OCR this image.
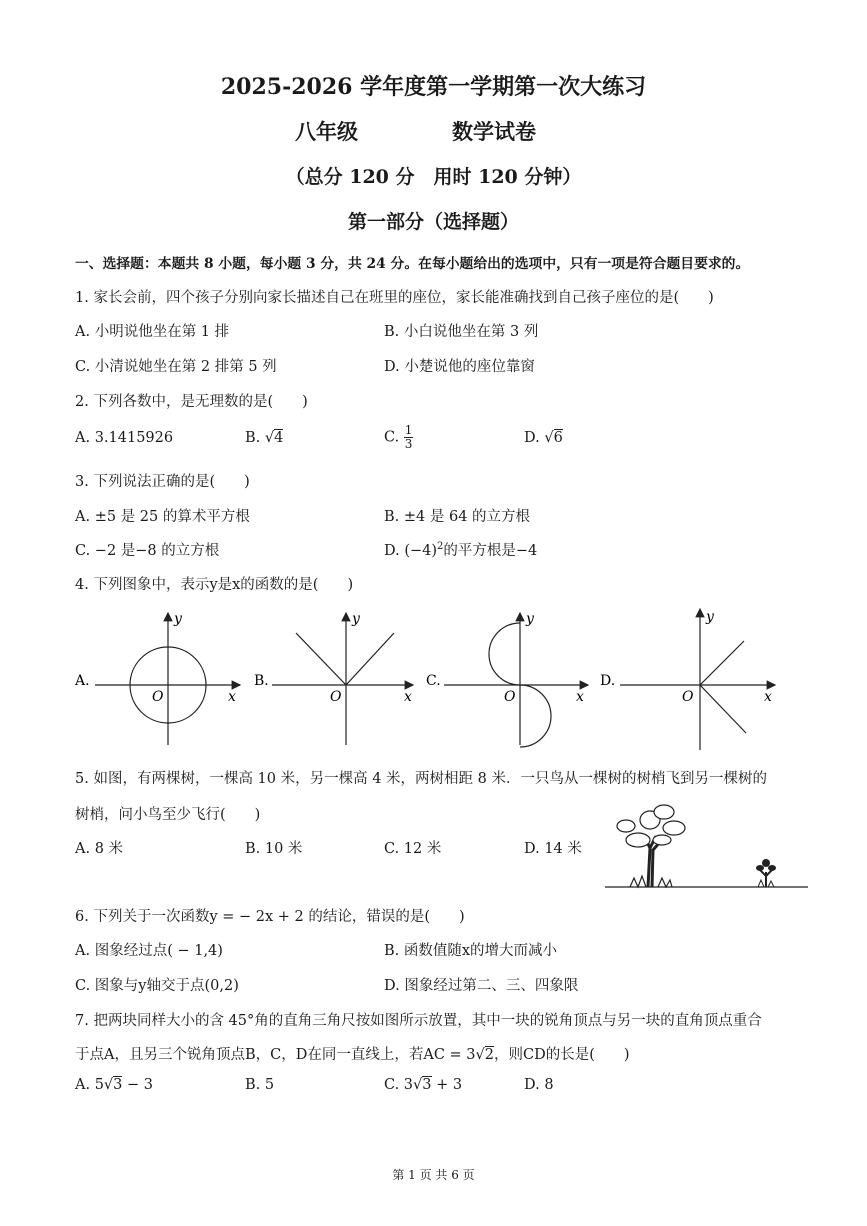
2025-2026 学年度第一学期第一次大练习
八年级	数学试卷
（总分 120 分　用时 120 分钟）
第一部分（选择题）
一、选择题：本题共 8 小题，每小题 3 分，共 24 分。在每小题给出的选项中，只有一项是符合题目要求的。
1. 家长会前，四个孩子分别向家长描述自己在班里的座位，家长能准确找到自己孩子座位的是(　　)
A. 小明说他坐在第 1 排	B. 小白说他坐在第 3 列
C. 小清说她坐在第 2 排第 5 列	D. 小楚说他的座位靠窗
2. 下列各数中，是无理数的是(　　)
A. 3.1415926	B. √4	C. $\frac{1}{3}$	D. √6
3. 下列说法正确的是(　　)
A. ±5 是 25 的算术平方根	B. ±4 是 64 的立方根
C. −2 是−8 的立方根	D. $(-4)^2$的平方根是−4
4. 下列图象中，表示y是x的函数的是(　　)
A.
y
x
O
B.
y
x
O
C.
y
x
O
D.
y
x
O
5. 如图，有两棵树，一棵高 10 米，另一棵高 4 米，两树相距 8 米．一只鸟从一棵树的树梢飞到另一棵树的
树梢，问小鸟至少飞行(　　)
A. 8 米	B. 10 米	C. 12 米	D. 14 米
6. 下列关于一次函数y = − 2x + 2 的结论，错误的是(　　)
A. 图象经过点( − 1,4)	B. 函数值随x的增大而减小
C. 图象与y轴交于点(0,2)	D. 图象经过第二、三、四象限
7. 把两块同样大小的含 45°角的直角三角尺按如图所示放置，其中一块的锐角顶点与另一块的直角顶点重合
于点A，且另三个锐角顶点B，C，D在同一直线上，若AC = 3√2，则CD的长是(　　)
A. 5√3 − 3	B. 5	C. 3√3 + 3	D. 8
第 1 页 共 6 页
